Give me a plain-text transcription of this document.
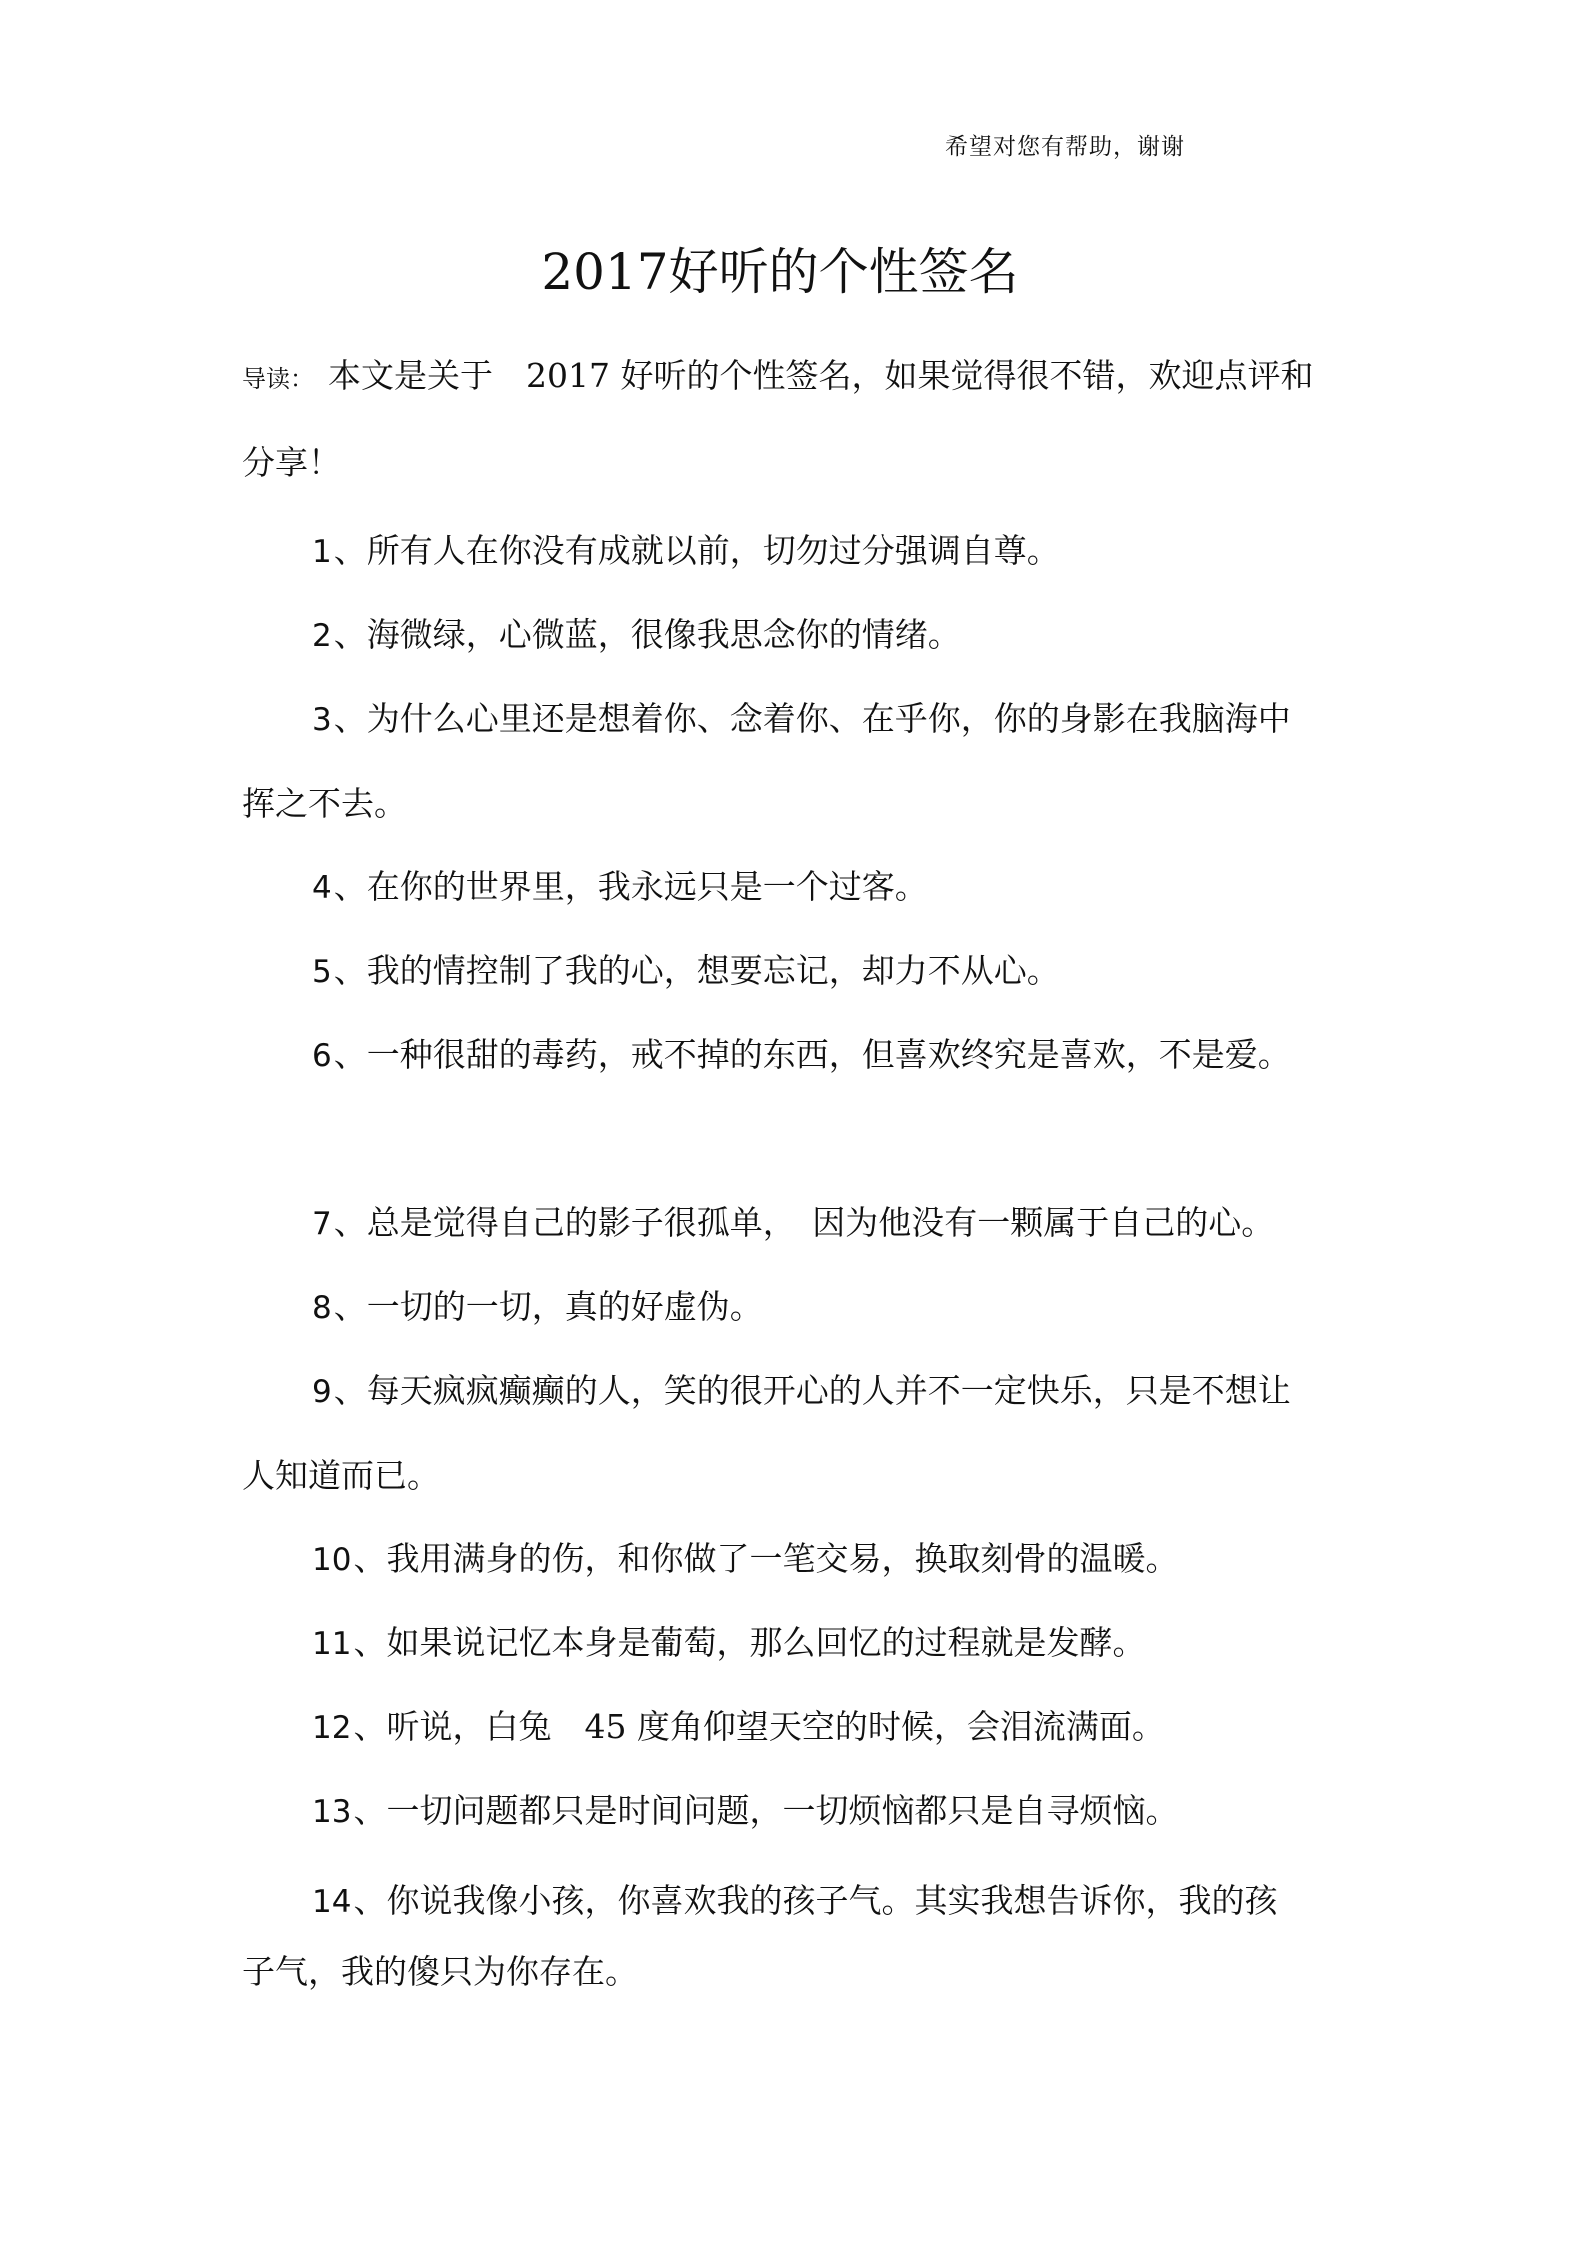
希望对您有帮助，谢谢
2017好听的个性签名
导读： 本文是关于　2017 好听的个性签名，如果觉得很不错，欢迎点评和分享！

1、所有人在你没有成就以前，切勿过分强调自尊。

2、海微绿，心微蓝，很像我思念你的情绪。

3、为什么心里还是想着你、念着你、在乎你，你的身影在我脑海中挥之不去。

4、在你的世界里，我永远只是一个过客。

5、我的情控制了我的心，想要忘记，却力不从心。

6、一种很甜的毒药，戒不掉的东西，但喜欢终究是喜欢，不是爱。

7、总是觉得自己的影子很孤单，　因为他没有一颗属于自己的心。

8、一切的一切，真的好虚伪。

9、每天疯疯癫癫的人，笑的很开心的人并不一定快乐，只是不想让人知道而已。

10、我用满身的伤，和你做了一笔交易，换取刻骨的温暖。

11、如果说记忆本身是葡萄，那么回忆的过程就是发酵。

12、听说，白兔　45 度角仰望天空的时候，会泪流满面。

13、一切问题都只是时间问题，一切烦恼都只是自寻烦恼。

14、你说我像小孩，你喜欢我的孩子气。其实我想告诉你，我的孩子气，我的傻只为你存在。
